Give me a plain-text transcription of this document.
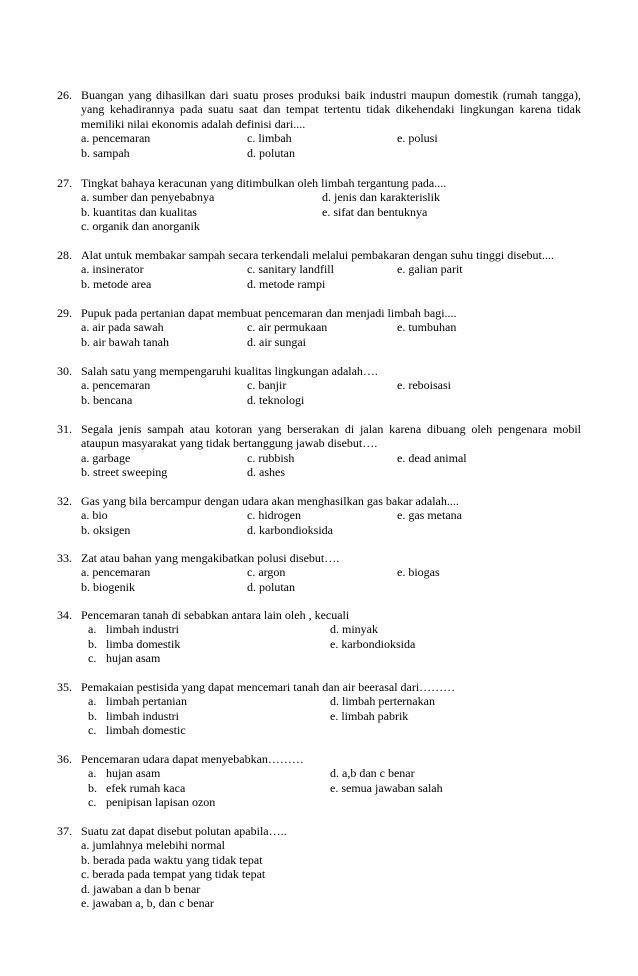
26. Buangan yang dihasilkan dari suatu proses produksi baik industri maupun domestik (rumah tangga),
yang kehadirannya pada suatu saat dan tempat tertentu tidak dikehendaki lingkungan karena tidak
memiliki nilai ekonomis adalah definisi dari....
a. pencemaran	c. limbah	e. polusi
b. sampah	d. polutan
27. Tingkat bahaya keracunan yang ditimbulkan oleh limbah tergantung pada....
a. sumber dan penyebabnya	d. jenis dan karakterislik
b. kuantitas dan kualitas	e. sifat dan bentuknya
c. organik dan anorganik
28. Alat untuk membakar sampah secara terkendali melalui pembakaran dengan suhu tinggi disebut....
a. insinerator	c. sanitary landfill	e. galian parit
b. metode area	d. metode rampi
29. Pupuk pada pertanian dapat membuat pencemaran dan menjadi limbah bagi....
a. air pada sawah	c. air permukaan	e. tumbuhan
b. air bawah tanah	d. air sungai
30. Salah satu yang mempengaruhi kualitas lingkungan adalah….
a. pencemaran	c. banjir	e. reboisasi
b. bencana	d. teknologi
31. Segala jenis sampah atau kotoran yang berserakan di jalan karena dibuang oleh pengenara mobil
ataupun masyarakat yang tidak bertanggung jawab disebut….
a. garbage	c. rubbish	e. dead animal
b. street sweeping	d. ashes
32. Gas yang bila bercampur dengan udara akan menghasilkan gas bakar adalah....
a. bio	c. hidrogen	e. gas metana
b. oksigen	d. karbondioksida
33. Zat atau bahan yang mengakibatkan polusi disebut….
a. pencemaran	c. argon	e. biogas
b. biogenik	d. polutan
34. Pencemaran tanah di sebabkan antara lain oleh , kecuali
a. limbah industri	d. minyak
b. limba domestik	e. karbondioksida
c. hujan asam
35. Pemakaian pestisida yang dapat mencemari tanah dan air beerasal dari………
a. limbah pertanian	d. limbah perternakan
b. limbah industri	e. limbah pabrik
c. limbah domestic
36. Pencemaran udara dapat menyebabkan………
a. hujan asam	d. a,b dan c benar
b. efek rumah kaca	e. semua jawaban salah
c. penipisan lapisan ozon
37. Suatu zat dapat disebut polutan apabila…..
a. jumlahnya melebihi normal
b. berada pada waktu yang tidak tepat
c. berada pada tempat yang tidak tepat
d. jawaban a dan b benar
e. jawaban a, b, dan c benar
